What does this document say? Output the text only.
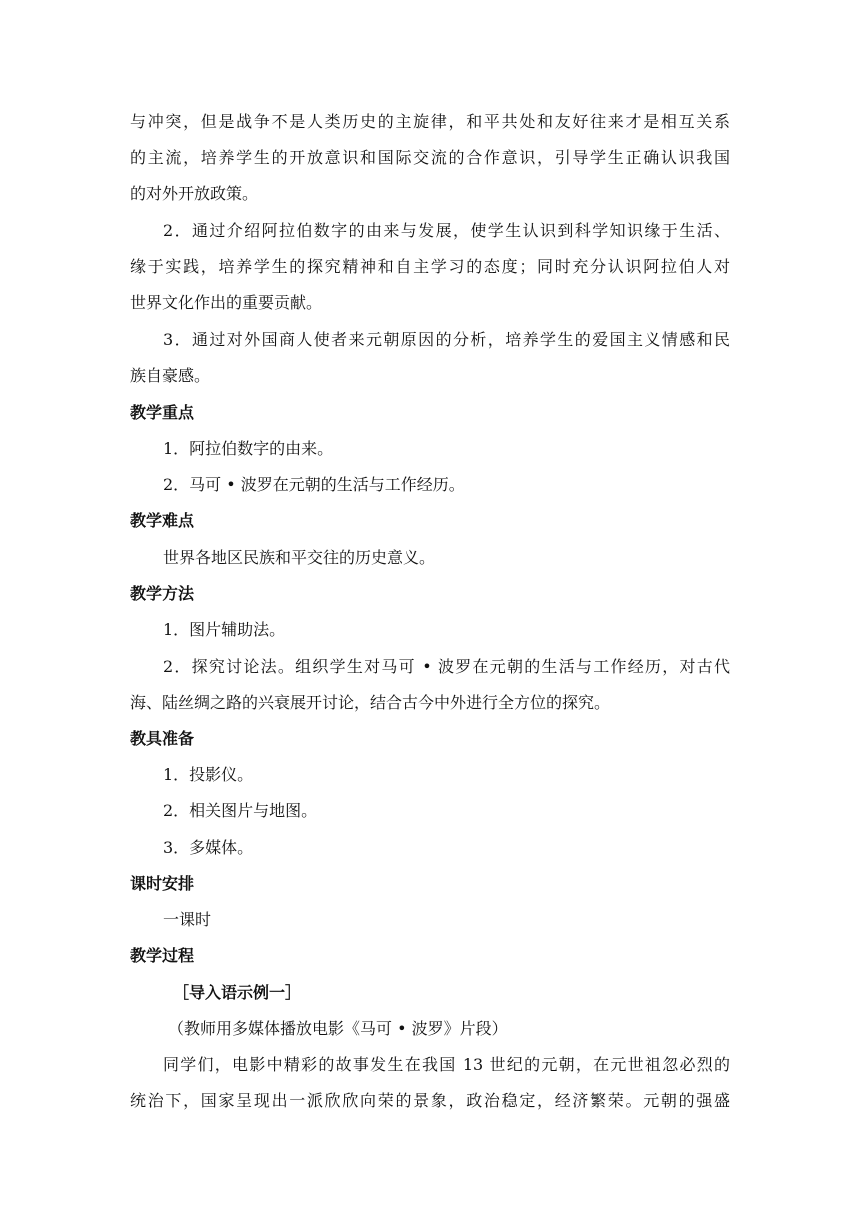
与冲突，但是战争不是人类历史的主旋律，和平共处和友好往来才是相互关系
的主流，培养学生的开放意识和国际交流的合作意识，引导学生正确认识我国
的对外开放政策。
2．通过介绍阿拉伯数字的由来与发展，使学生认识到科学知识缘于生活、
缘于实践，培养学生的探究精神和自主学习的态度；同时充分认识阿拉伯人对
世界文化作出的重要贡献。
3．通过对外国商人使者来元朝原因的分析，培养学生的爱国主义情感和民
族自豪感。
教学重点
1．阿拉伯数字的由来。
2．马可 • 波罗在元朝的生活与工作经历。
教学难点
世界各地区民族和平交往的历史意义。
教学方法
1．图片辅助法。
2．探究讨论法。组织学生对马可 • 波罗在元朝的生活与工作经历，对古代
海、陆丝绸之路的兴衰展开讨论，结合古今中外进行全方位的探究。
教具准备
1．投影仪。
2．相关图片与地图。
3．多媒体。
课时安排
一课时
教学过程
［导入语示例一］
（教师用多媒体播放电影《马可 • 波罗》片段）
同学们，电影中精彩的故事发生在我国 13 世纪的元朝，在元世祖忽必烈的
统治下，国家呈现出一派欣欣向荣的景象，政治稳定，经济繁荣。元朝的强盛
